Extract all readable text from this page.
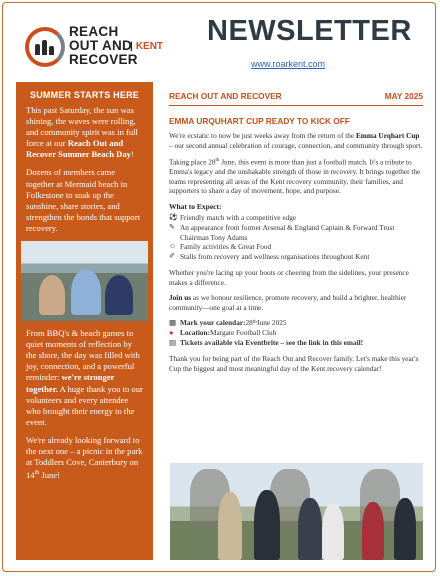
REACH
OUT AND
RECOVER
| KENT NEWSLETTER
www.roarkent.com
SUMMER STARTS HERE

This past Saturday, the sun was shining, the waves were rolling, and community spirit was in full force at our Reach Out and Recover Summer Beach Day!

Dozens of members came together at Mermaid beach in Folkestone to soak up the sunshine, share stories, and strengthen the bonds that support recovery.

From BBQ's & beach games to quiet moments of reflection by the shore, the day was filled with joy, connection, and a powerful reminder: we're stronger together. A huge thank you to our volunteers and every attendee who brought their energy to the event.

We're already looking forward to the next one – a picnic in the park at Toddlers Cove, Canterbury on 14th June!

REACH OUT AND RECOVER	MAY 2025
EMMA URQUHART CUP READY TO KICK OFF

We're ecstatic to now be just weeks away from the return of the Emma Urqhart Cup – our second annual celebration of courage, connection, and community through sport.

Taking place 28th June, this event is more than just a football match. It's a tribute to Emma's legacy and the unshakable strength of those in recovery. It brings together the teams representing all areas of the Kent recovery community, their families, and supporters to share a day of movement, hope, and purpose.

What to Expect:
⚽ Friendly match with a competitive edge
✎ An appearance from former Arsenal & England Captain & Forward Trust Chairman Tony Adams
☺ Family activities & Great Food
✐ Stalls from recovery and wellness organisations throughout Kent

Whether you're lacing up your boots or cheering from the sidelines, your presence makes a difference.

Join us as we honour resilience, promote recovery, and build a brighter, healthier community—one goal at a time.

▦ Mark your calendar: 28 th June 2025
● Location: Margate Football Club
▤ Tickets available via Eventbrite – see the link in this email!

Thank you for being part of the Reach Out and Recover family. Let's make this year's Cup the biggest and most meaningful day of the Kent recovery calendar!
